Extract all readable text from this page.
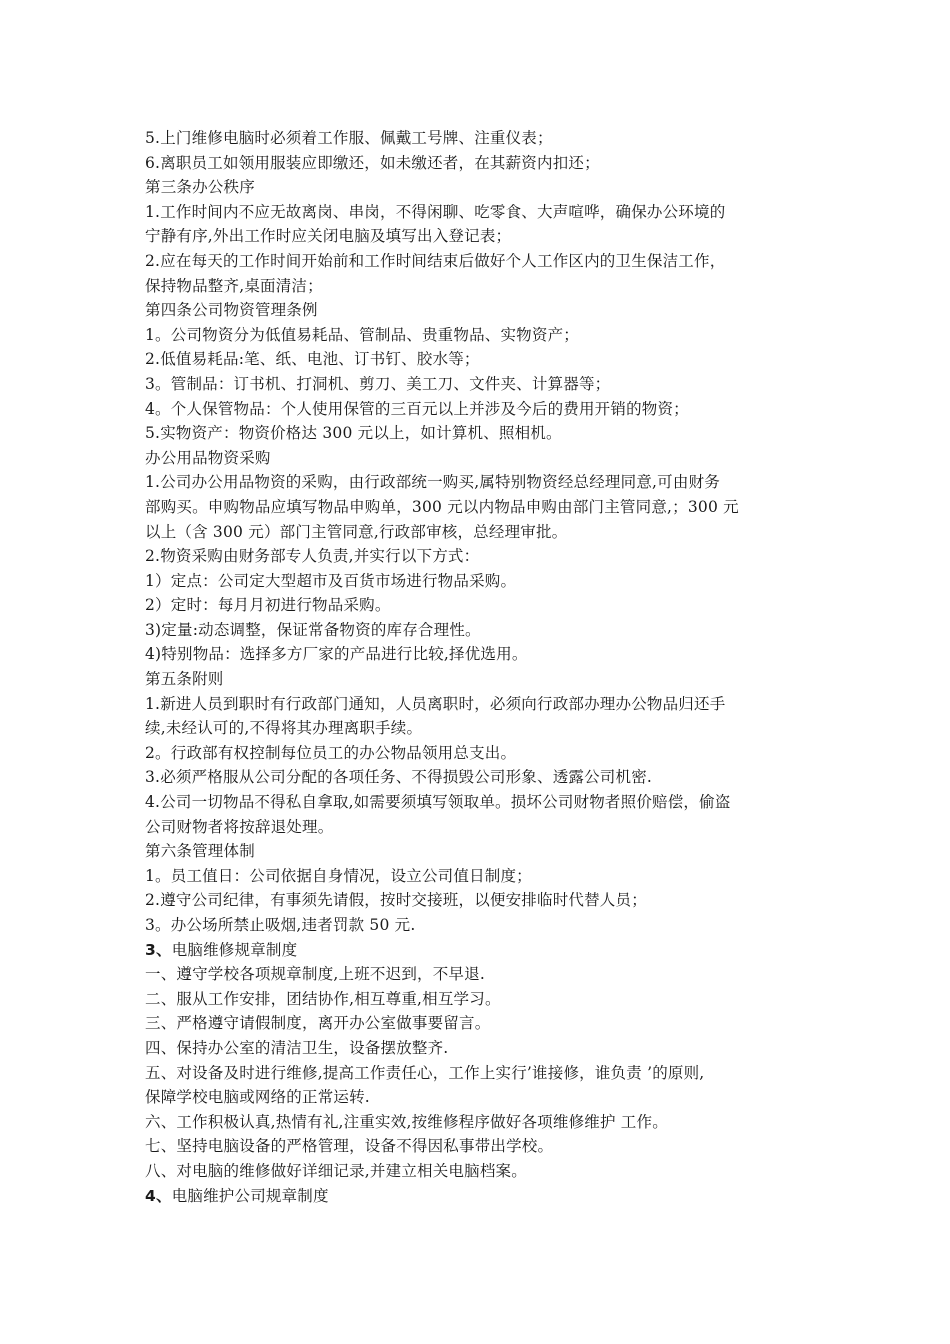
5.上门维修电脑时必须着工作服、佩戴工号牌、注重仪表；
6.离职员工如领用服装应即缴还，如未缴还者，在其薪资内扣还；
第三条办公秩序
1.工作时间内不应无故离岗、串岗，不得闲聊、吃零食、大声喧哗，确保办公环境的
宁静有序,外出工作时应关闭电脑及填写出入登记表；
2.应在每天的工作时间开始前和工作时间结束后做好个人工作区内的卫生保洁工作，
保持物品整齐,桌面清洁；
第四条公司物资管理条例
1。公司物资分为低值易耗品、管制品、贵重物品、实物资产；
2.低值易耗品:笔、纸、电池、订书钉、胶水等；
3。管制品：订书机、打洞机、剪刀、美工刀、文件夹、计算器等；
4。个人保管物品：个人使用保管的三百元以上并涉及今后的费用开销的物资；
5.实物资产：物资价格达 300 元以上，如计算机、照相机。
办公用品物资采购
1.公司办公用品物资的采购，由行政部统一购买,属特别物资经总经理同意,可由财务
部购买。申购物品应填写物品申购单，300 元以内物品申购由部门主管同意,；300 元
以上（含 300 元）部门主管同意,行政部审核，总经理审批。
2.物资采购由财务部专人负责,并实行以下方式：
1）定点：公司定大型超市及百货市场进行物品采购。
2）定时：每月月初进行物品采购。
3)定量:动态调整，保证常备物资的库存合理性。
4)特别物品：选择多方厂家的产品进行比较,择优选用。
第五条附则
1.新进人员到职时有行政部门通知，人员离职时，必须向行政部办理办公物品归还手
续,未经认可的,不得将其办理离职手续。
2。行政部有权控制每位员工的办公物品领用总支出。
3.必须严格服从公司分配的各项任务、不得损毁公司形象、透露公司机密.
4.公司一切物品不得私自拿取,如需要须填写领取单。损坏公司财物者照价赔偿，偷盗
公司财物者将按辞退处理。
第六条管理体制
1。员工值日：公司依据自身情况，设立公司值日制度；
2.遵守公司纪律，有事须先请假，按时交接班，以便安排临时代替人员；
3。办公场所禁止吸烟,违者罚款 50 元.
3、电脑维修规章制度
一、遵守学校各项规章制度,上班不迟到，不早退.
二、服从工作安排，团结协作,相互尊重,相互学习。
三、严格遵守请假制度，离开办公室做事要留言。
四、保持办公室的清洁卫生，设备摆放整齐.
五、对设备及时进行维修,提高工作责任心，工作上实行’谁接修，谁负责 ’的原则,
保障学校电脑或网络的正常运转.
六、工作积极认真,热情有礼,注重实效,按维修程序做好各项维修维护 工作。
七、坚持电脑设备的严格管理，设备不得因私事带出学校。
八、对电脑的维修做好详细记录,并建立相关电脑档案。
4、电脑维护公司规章制度
